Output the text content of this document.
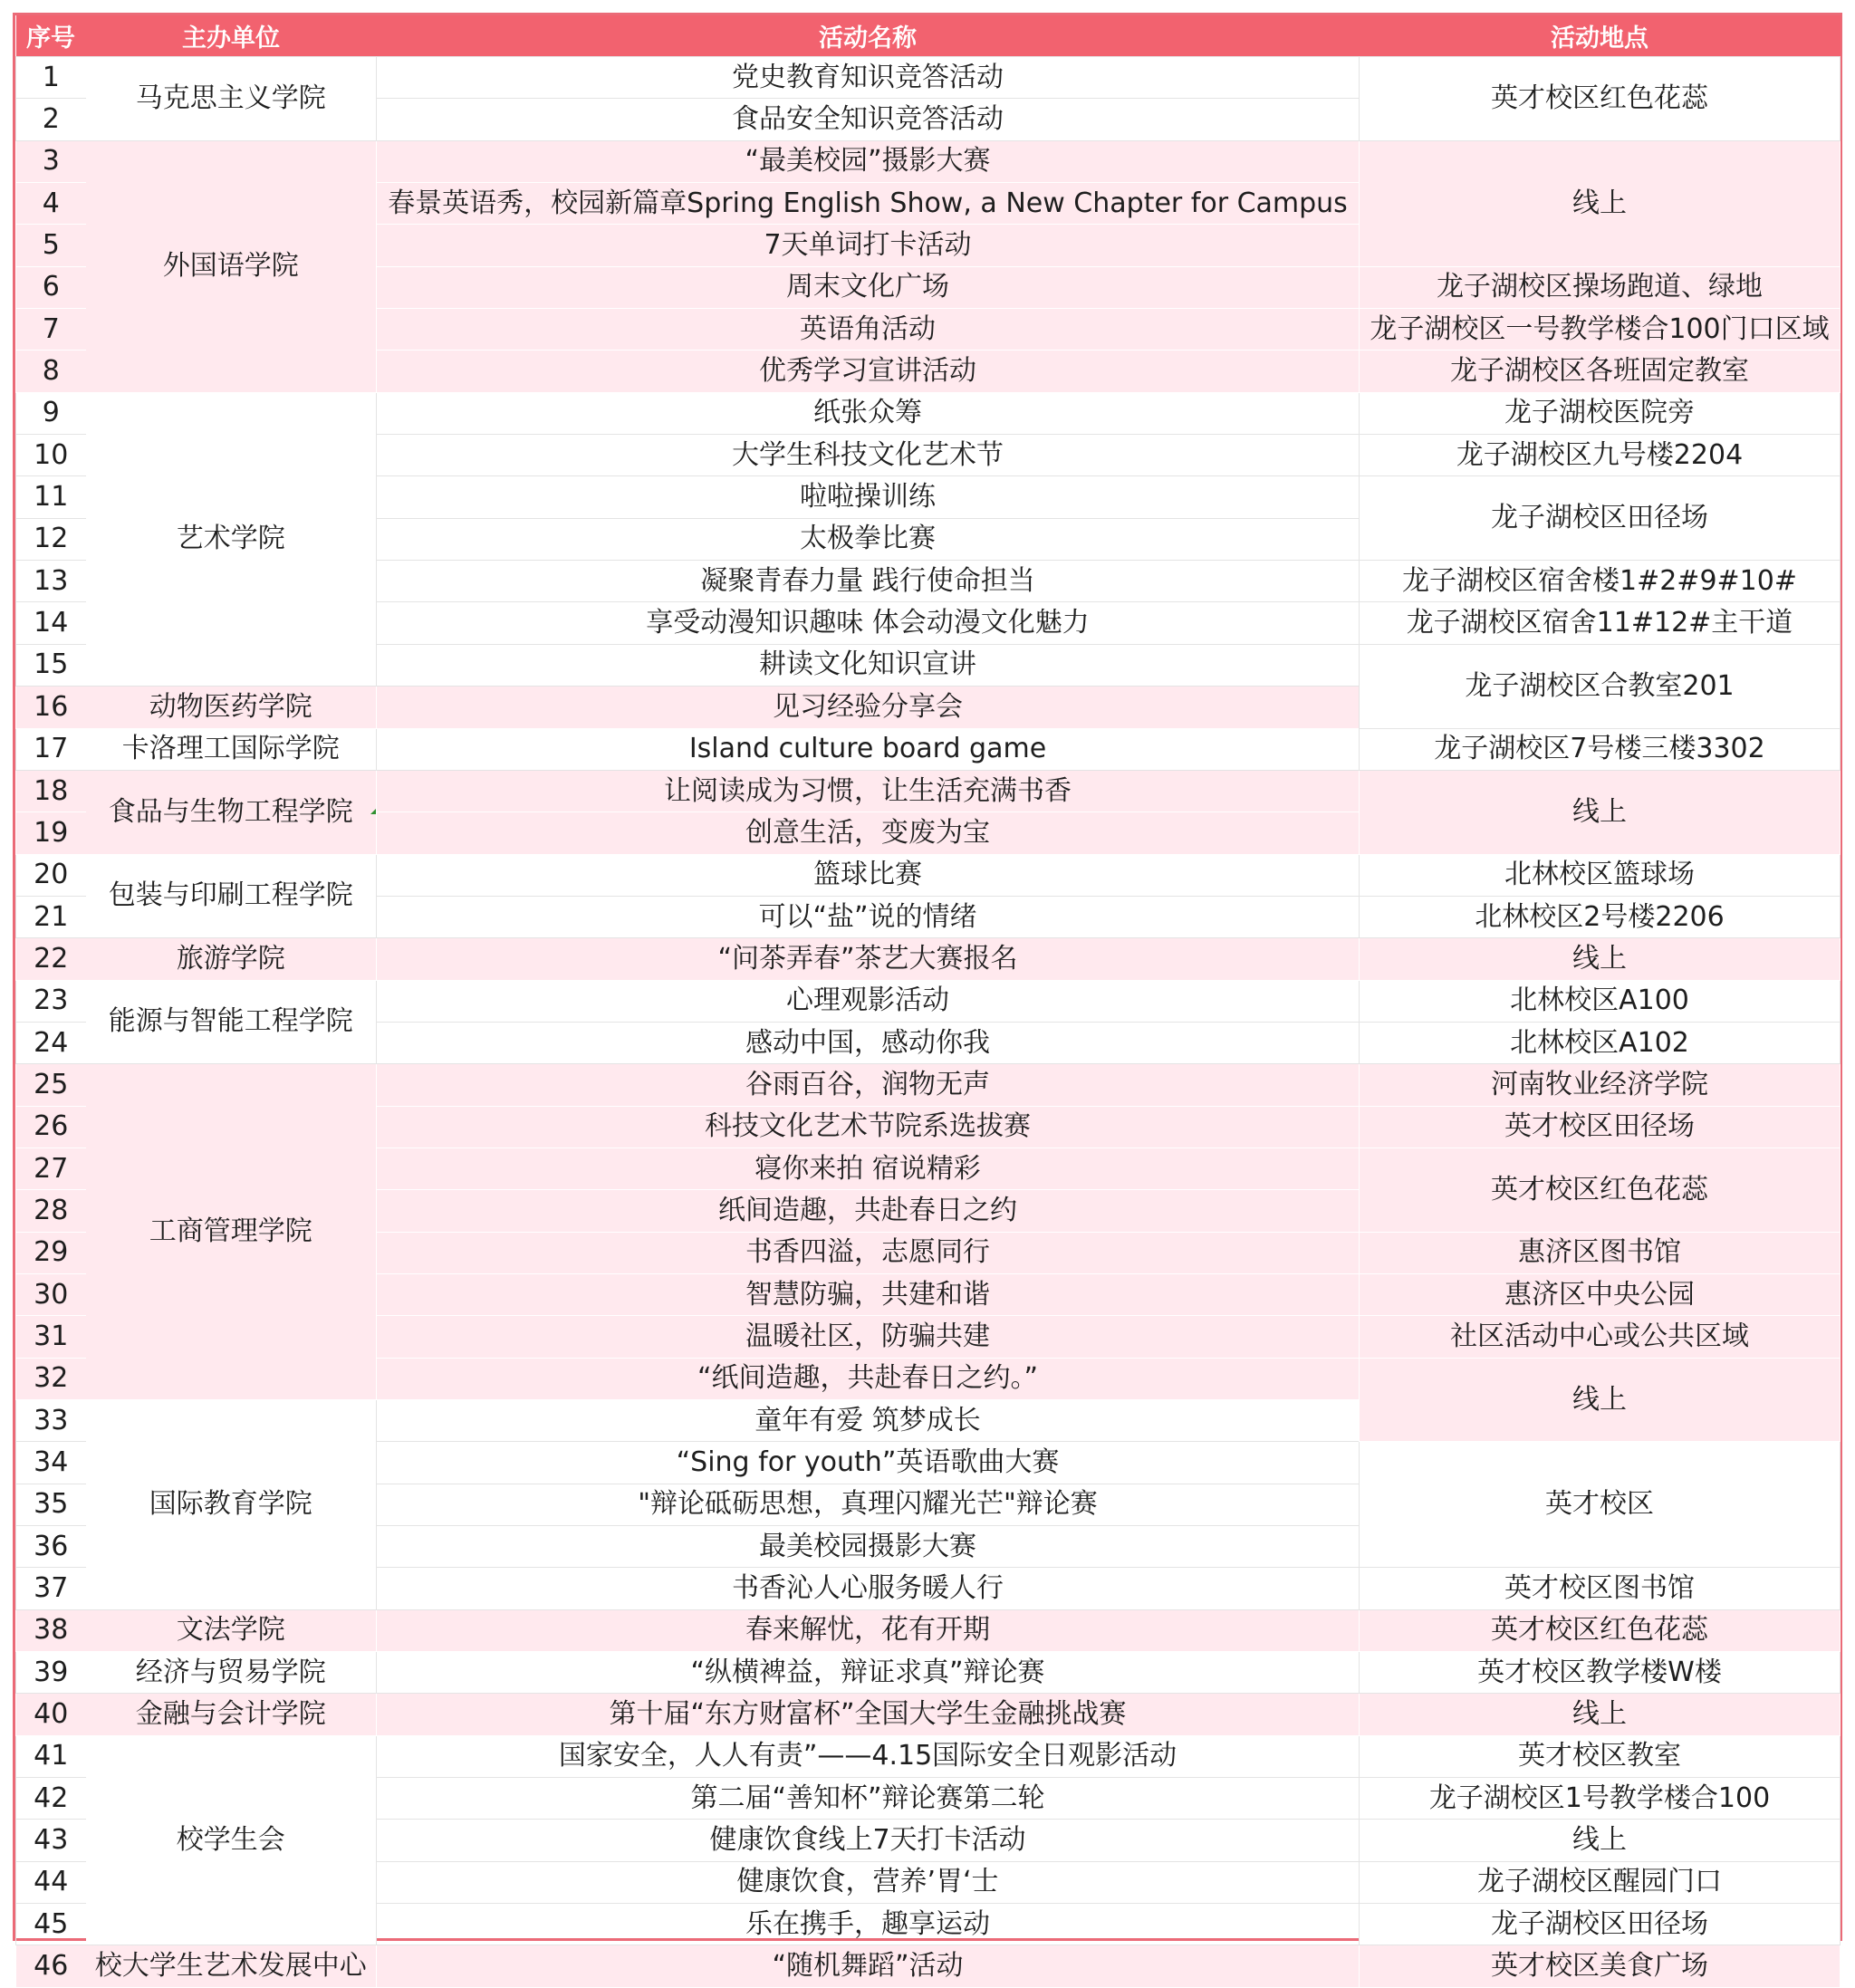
序号	主办单位	活动名称	活动地点
1	马克思主义学院	党史教育知识竞答活动	英才校区红色花蕊
2		食品安全知识竞答活动	
3	外国语学院	“最美校园”摄影大赛	线上
4		春景英语秀，校园新篇章Spring English Show, a New Chapter for Campus	
5		7天单词打卡活动	
6		周末文化广场	龙子湖校区操场跑道、绿地
7		英语角活动	龙子湖校区一号教学楼合100门口区域
8		优秀学习宣讲活动	龙子湖校区各班固定教室
9	艺术学院	纸张众筹	龙子湖校医院旁
10		大学生科技文化艺术节	龙子湖校区九号楼2204
11		啦啦操训练	龙子湖校区田径场
12		太极拳比赛	
13		凝聚青春力量 践行使命担当	龙子湖校区宿舍楼1#2#9#10#
14		享受动漫知识趣味 体会动漫文化魅力	龙子湖校区宿舍11#12#主干道
15		耕读文化知识宣讲	龙子湖校区合教室201
16	动物医药学院	见习经验分享会	
17	卡洛理工国际学院	Island culture board game	龙子湖校区7号楼三楼3302
18	食品与生物工程学院	让阅读成为习惯，让生活充满书香	线上
19		创意生活，变废为宝	
20	包装与印刷工程学院	篮球比赛	北林校区篮球场
21		可以“盐”说的情绪	北林校区2号楼2206
22	旅游学院	“问茶弄春”茶艺大赛报名	线上
23	能源与智能工程学院	心理观影活动	北林校区A100
24		感动中国，感动你我	北林校区A102
25	工商管理学院	谷雨百谷，润物无声	河南牧业经济学院
26		科技文化艺术节院系选拔赛	英才校区田径场
27		寝你来拍 宿说精彩	英才校区红色花蕊
28		纸间造趣，共赴春日之约	
29		书香四溢，志愿同行	惠济区图书馆
30		智慧防骗，共建和谐	惠济区中央公园
31		温暖社区，防骗共建	社区活动中心或公共区域
32		“纸间造趣，共赴春日之约。”	线上
33	国际教育学院	童年有爱 筑梦成长	
34		“Sing for youth”英语歌曲大赛	英才校区
35		"辩论砥砺思想，真理闪耀光芒"辩论赛	
36		最美校园摄影大赛	
37		书香沁人心服务暖人行	英才校区图书馆
38	文法学院	春来解忧，花有开期	英才校区红色花蕊
39	经济与贸易学院	“纵横裨益，辩证求真”辩论赛	英才校区教学楼W楼
40	金融与会计学院	第十届“东方财富杯”全国大学生金融挑战赛	线上
41	校学生会	国家安全，人人有责”——4.15国际安全日观影活动	英才校区教室
42		第二届“善知杯”辩论赛第二轮	龙子湖校区1号教学楼合100
43		健康饮食线上7天打卡活动	线上
44		健康饮食，营养’胃‘士	龙子湖校区醒园门口
45		乐在携手，趣享运动	龙子湖校区田径场
46	校大学生艺术发展中心	“随机舞蹈”活动	英才校区美食广场
